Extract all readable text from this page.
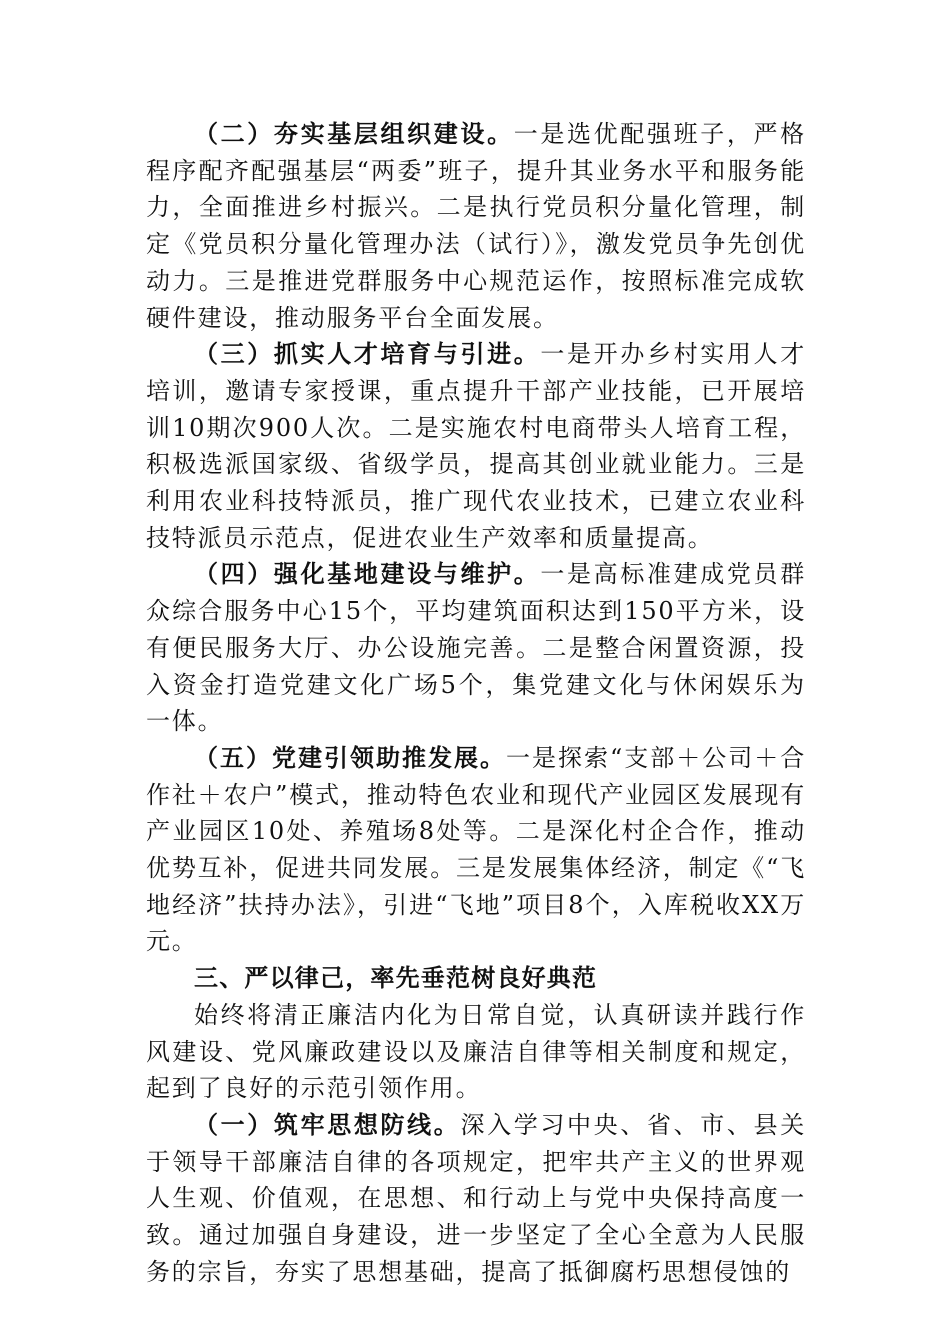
（二）夯实基层组织建设。一是选优配强班子，严格程序配齐配强基层“两委”班子，提升其业务水平和服务能力，全面推进乡村振兴。二是执行党员积分量化管理，制定《党员积分量化管理办法（试行）》，激发党员争先创优动力。三是推进党群服务中心规范运作，按照标准完成软硬件建设，推动服务平台全面发展。

（三）抓实人才培育与引进。一是开办乡村实用人才培训，邀请专家授课，重点提升干部产业技能，已开展培训10期次900人次。二是实施农村电商带头人培育工程，积极选派国家级、省级学员，提高其创业就业能力。三是利用农业科技特派员，推广现代农业技术，已建立农业科技特派员示范点，促进农业生产效率和质量提高。

（四）强化基地建设与维护。一是高标准建成党员群众综合服务中心15个，平均建筑面积达到150平方米，设有便民服务大厅、办公设施完善。二是整合闲置资源，投入资金打造党建文化广场5个，集党建文化与休闲娱乐为一体。

（五）党建引领助推发展。一是探索“支部＋公司＋合作社＋农户”模式，推动特色农业和现代产业园区发展现有产业园区10处、养殖场8处等。二是深化村企合作，推动优势互补，促进共同发展。三是发展集体经济，制定《“飞地经济”扶持办法》，引进“飞地”项目8个，入库税收XX万元。

三、严以律己，率先垂范树良好典范

始终将清正廉洁内化为日常自觉，认真研读并践行作风建设、党风廉政建设以及廉洁自律等相关制度和规定，起到了良好的示范引领作用。

（一）筑牢思想防线。深入学习中央、省、市、县关于领导干部廉洁自律的各项规定，把牢共产主义的世界观人生观、价值观，在思想、和行动上与党中央保持高度一致。通过加强自身建设，进一步坚定了全心全意为人民服务的宗旨，夯实了思想基础，提高了抵御腐朽思想侵蚀的
